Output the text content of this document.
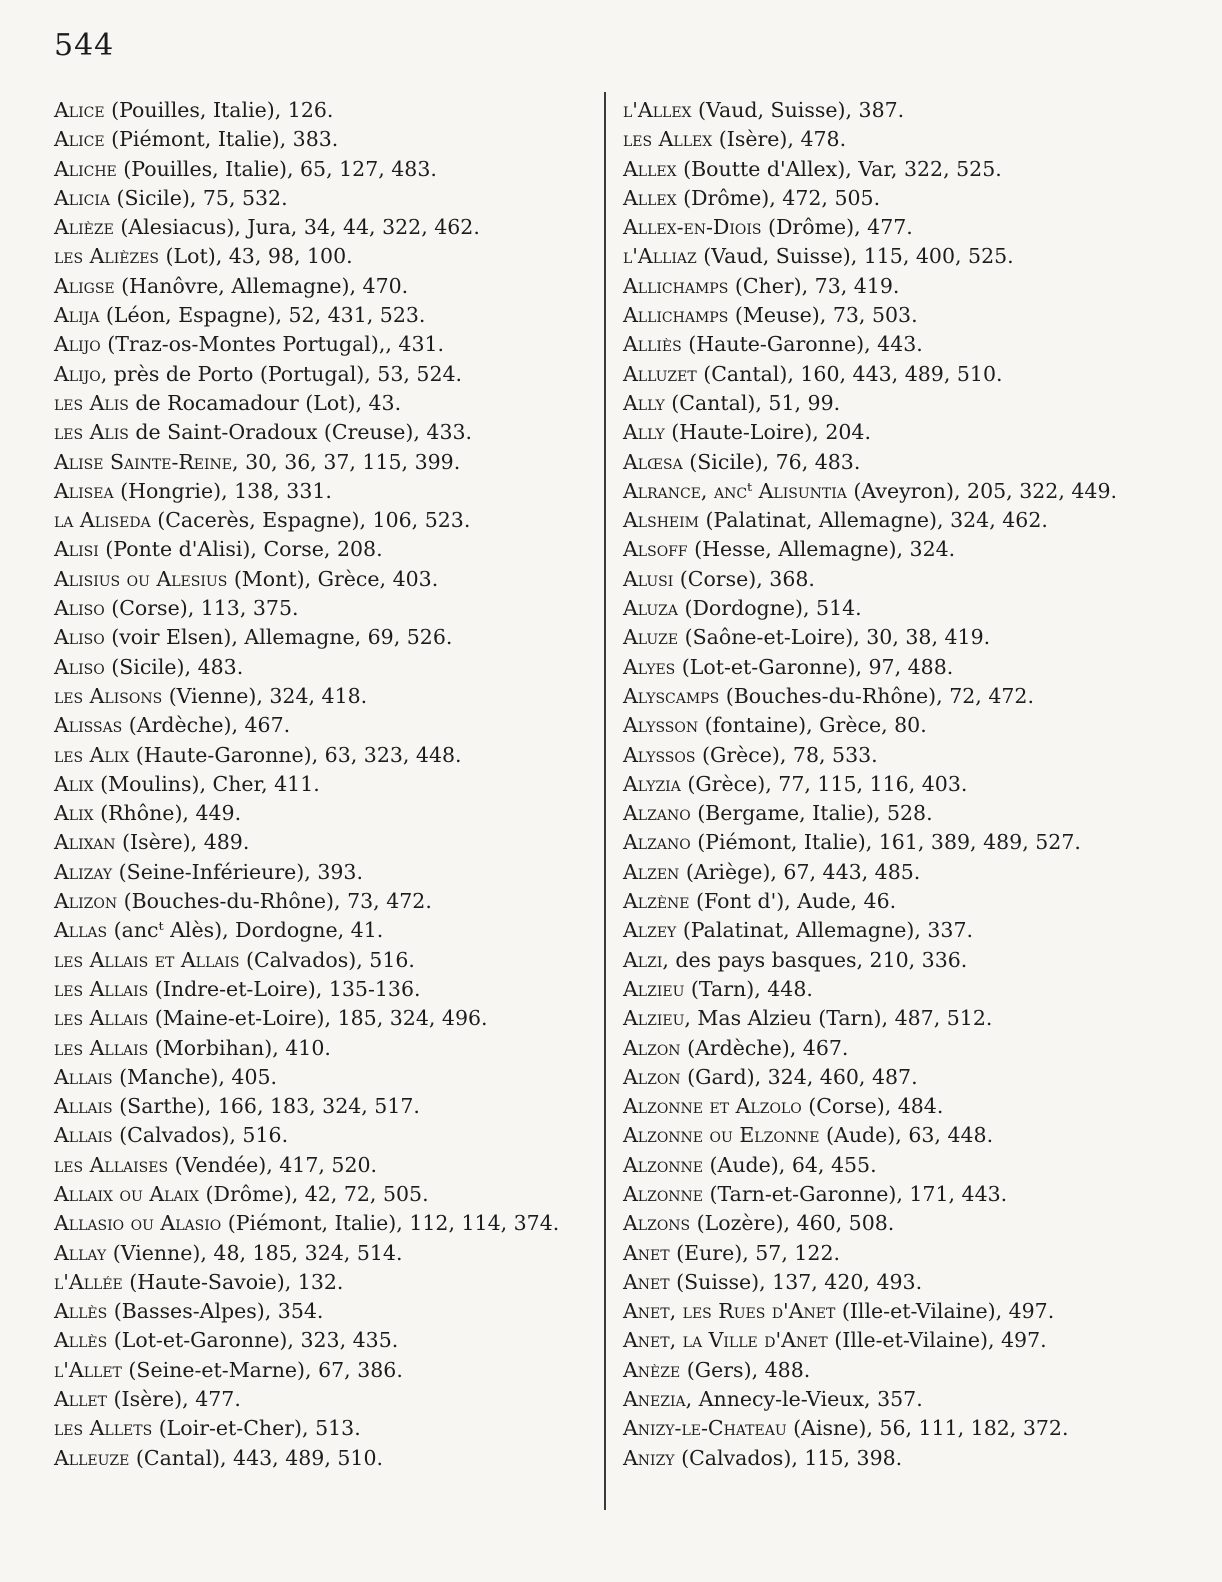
544
Alice (Pouilles, Italie), 126.
Alice (Piémont, Italie), 383.
Aliche (Pouilles, Italie), 65, 127, 483.
Alicia (Sicile), 75, 532.
Alièze (Alesiacus), Jura, 34, 44, 322, 462.
les Alièzes (Lot), 43, 98, 100.
Aligse (Hanôvre, Allemagne), 470.
Alija (Léon, Espagne), 52, 431, 523.
Alijo (Traz-os-Montes Portugal),, 431.
Alijo, près de Porto (Portugal), 53, 524.
les Alis de Rocamadour (Lot), 43.
les Alis de Saint-Oradoux (Creuse), 433.
Alise Sainte-Reine, 30, 36, 37, 115, 399.
Alisea (Hongrie), 138, 331.
la Aliseda (Cacerès, Espagne), 106, 523.
Alisi (Ponte d'Alisi), Corse, 208.
Alisius ou Alesius (Mont), Grèce, 403.
Aliso (Corse), 113, 375.
Aliso (voir Elsen), Allemagne, 69, 526.
Aliso (Sicile), 483.
les Alisons (Vienne), 324, 418.
Alissas (Ardèche), 467.
les Alix (Haute-Garonne), 63, 323, 448.
Alix (Moulins), Cher, 411.
Alix (Rhône), 449.
Alixan (Isère), 489.
Alizay (Seine-Inférieure), 393.
Alizon (Bouches-du-Rhône), 73, 472.
Allas (ancᵗ Alès), Dordogne, 41.
les Allais et Allais (Calvados), 516.
les Allais (Indre-et-Loire), 135-136.
les Allais (Maine-et-Loire), 185, 324, 496.
les Allais (Morbihan), 410.
Allais (Manche), 405.
Allais (Sarthe), 166, 183, 324, 517.
Allais (Calvados), 516.
les Allaises (Vendée), 417, 520.
Allaix ou Alaix (Drôme), 42, 72, 505.
Allasio ou Alasio (Piémont, Italie), 112, 114, 374.
Allay (Vienne), 48, 185, 324, 514.
l'Allée (Haute-Savoie), 132.
Allès (Basses-Alpes), 354.
Allès (Lot-et-Garonne), 323, 435.
l'Allet (Seine-et-Marne), 67, 386.
Allet (Isère), 477.
les Allets (Loir-et-Cher), 513.
Alleuze (Cantal), 443, 489, 510.
l'Allex (Vaud, Suisse), 387.
les Allex (Isère), 478.
Allex (Boutte d'Allex), Var, 322, 525.
Allex (Drôme), 472, 505.
Allex-en-Diois (Drôme), 477.
l'Alliaz (Vaud, Suisse), 115, 400, 525.
Allichamps (Cher), 73, 419.
Allichamps (Meuse), 73, 503.
Alliès (Haute-Garonne), 443.
Alluzet (Cantal), 160, 443, 489, 510.
Ally (Cantal), 51, 99.
Ally (Haute-Loire), 204.
Alœsa (Sicile), 76, 483.
Alrance, ancᵗ Alisuntia (Aveyron), 205, 322, 449.
Alsheim (Palatinat, Allemagne), 324, 462.
Alsoff (Hesse, Allemagne), 324.
Alusi (Corse), 368.
Aluza (Dordogne), 514.
Aluze (Saône-et-Loire), 30, 38, 419.
Alyes (Lot-et-Garonne), 97, 488.
Alyscamps (Bouches-du-Rhône), 72, 472.
Alysson (fontaine), Grèce, 80.
Alyssos (Grèce), 78, 533.
Alyzia (Grèce), 77, 115, 116, 403.
Alzano (Bergame, Italie), 528.
Alzano (Piémont, Italie), 161, 389, 489, 527.
Alzen (Ariège), 67, 443, 485.
Alzène (Font d'), Aude, 46.
Alzey (Palatinat, Allemagne), 337.
Alzi, des pays basques, 210, 336.
Alzieu (Tarn), 448.
Alzieu, Mas Alzieu (Tarn), 487, 512.
Alzon (Ardèche), 467.
Alzon (Gard), 324, 460, 487.
Alzonne et Alzolo (Corse), 484.
Alzonne ou Elzonne (Aude), 63, 448.
Alzonne (Aude), 64, 455.
Alzonne (Tarn-et-Garonne), 171, 443.
Alzons (Lozère), 460, 508.
Anet (Eure), 57, 122.
Anet (Suisse), 137, 420, 493.
Anet, les Rues d'Anet (Ille-et-Vilaine), 497.
Anet, la Ville d'Anet (Ille-et-Vilaine), 497.
Anèze (Gers), 488.
Anezia, Annecy-le-Vieux, 357.
Anizy-le-Chateau (Aisne), 56, 111, 182, 372.
Anizy (Calvados), 115, 398.
